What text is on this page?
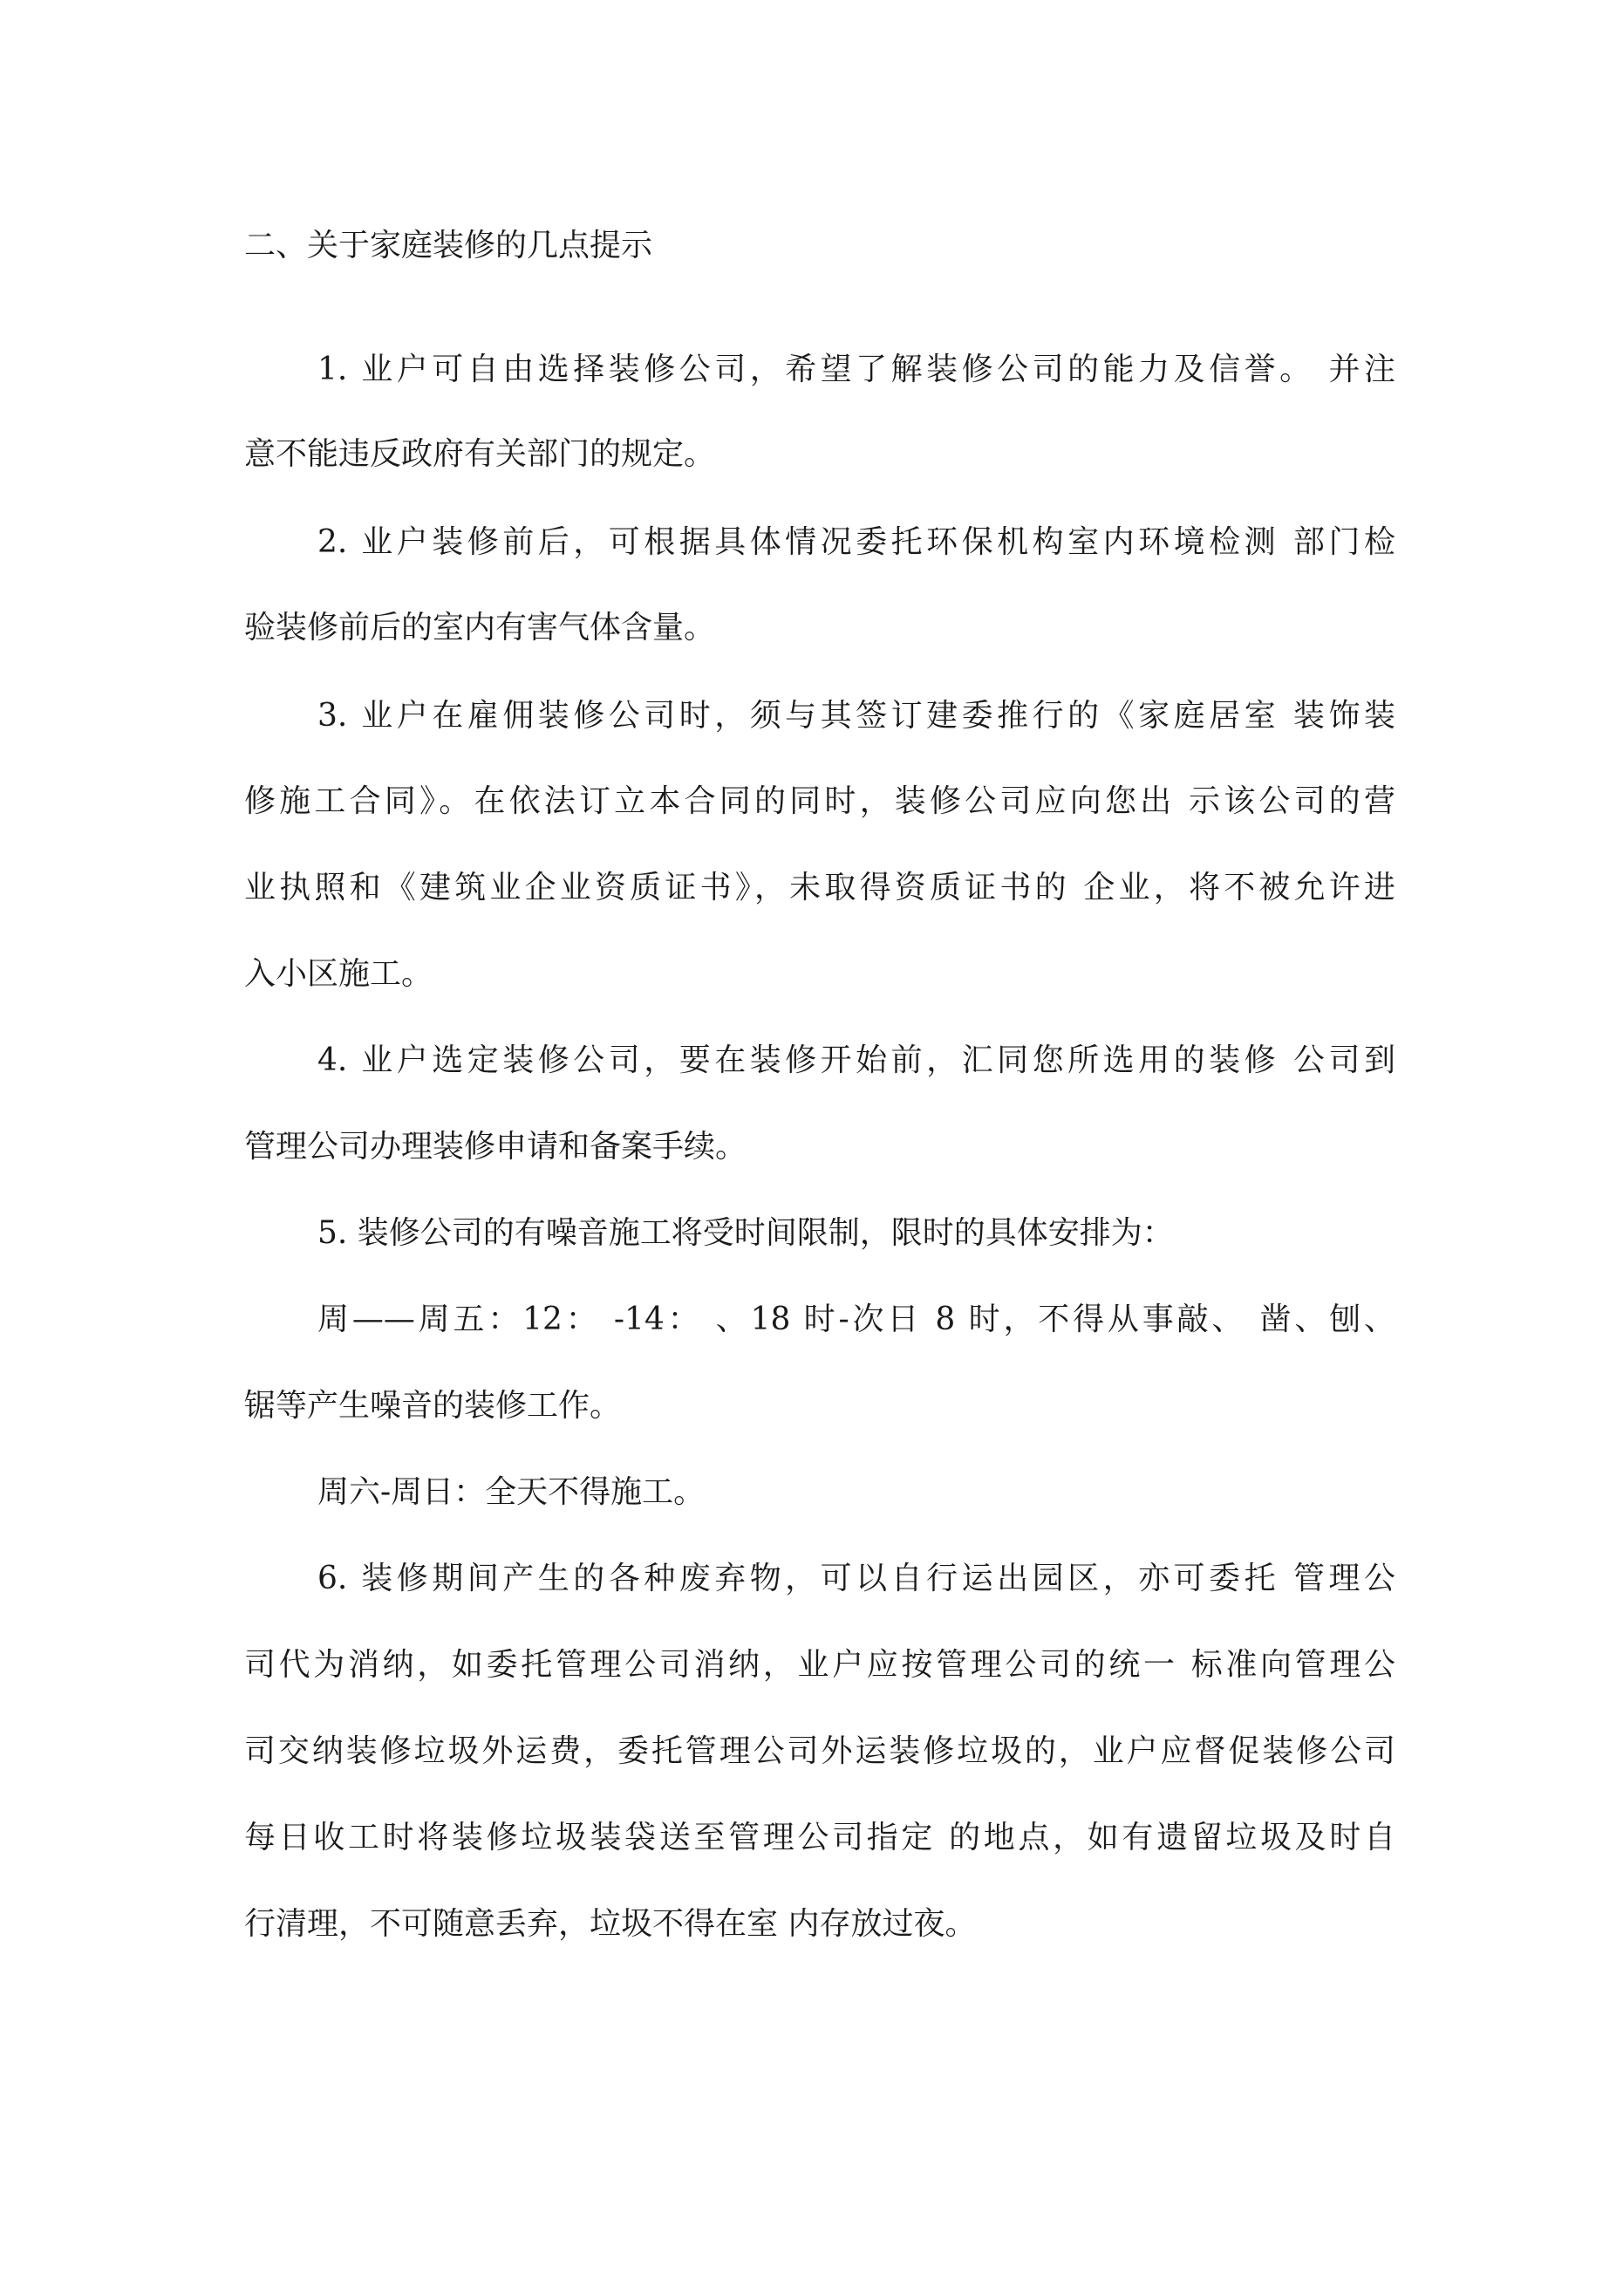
二、关于家庭装修的几点提示
1. 业户可自由选择装修公司，希望了解装修公司的能力及信誉。 并注
意不能违反政府有关部门的规定。
2. 业户装修前后，可根据具体情况委托环保机构室内环境检测 部门检
验装修前后的室内有害气体含量。
3. 业户在雇佣装修公司时，须与其签订建委推行的《家庭居室 装饰装
修施工合同》。在依法订立本合同的同时，装修公司应向您出 示该公司的营
业执照和《建筑业企业资质证书》，未取得资质证书的 企业，将不被允许进
入小区施工。
4. 业户选定装修公司，要在装修开始前，汇同您所选用的装修 公司到
管理公司办理装修申请和备案手续。
5. 装修公司的有噪音施工将受时间限制，限时的具体安排为：
周——周五：12： -14： 、18 时-次日 8 时，不得从事敲、 凿、刨、
锯等产生噪音的装修工作。
周六-周日：全天不得施工。
6. 装修期间产生的各种废弃物，可以自行运出园区，亦可委托 管理公
司代为消纳，如委托管理公司消纳，业户应按管理公司的统一 标准向管理公
司交纳装修垃圾外运费，委托管理公司外运装修垃圾的，业户应督促装修公司
每日收工时将装修垃圾装袋送至管理公司指定 的地点，如有遗留垃圾及时自
行清理，不可随意丢弃，垃圾不得在室 内存放过夜。
